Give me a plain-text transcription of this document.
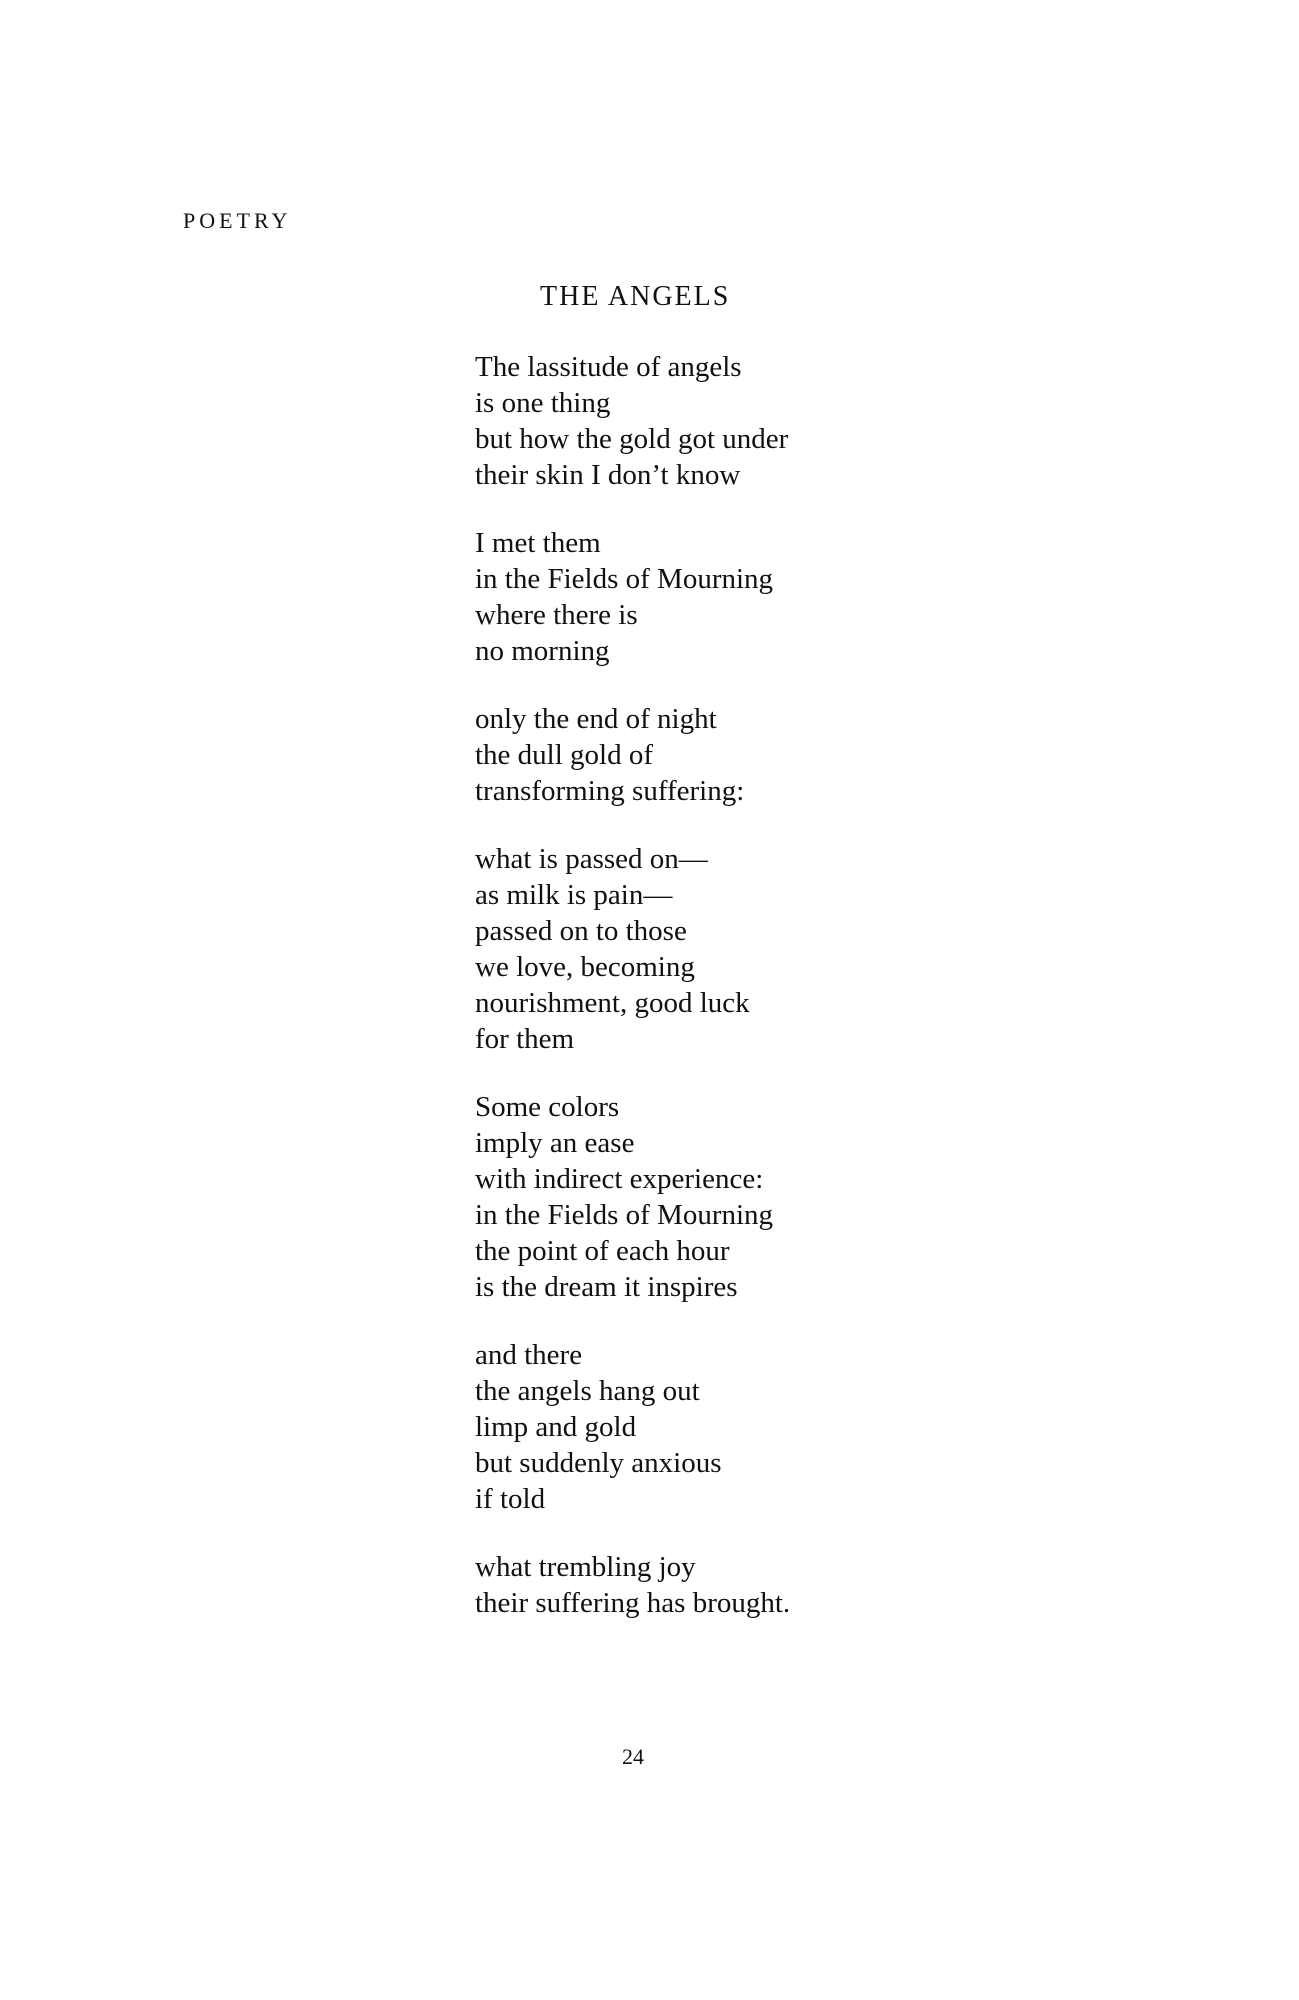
POETRY
THE ANGELS
The lassitude of angels
is one thing
but how the gold got under
their skin I don’t know
I met them
in the Fields of Mourning
where there is
no morning
only the end of night
the dull gold of
transforming suffering:
what is passed on—
as milk is pain—
passed on to those
we love, becoming
nourishment, good luck
for them
Some colors
imply an ease
with indirect experience:
in the Fields of Mourning
the point of each hour
is the dream it inspires
and there
the angels hang out
limp and gold
but suddenly anxious
if told
what trembling joy
their suffering has brought.
24
